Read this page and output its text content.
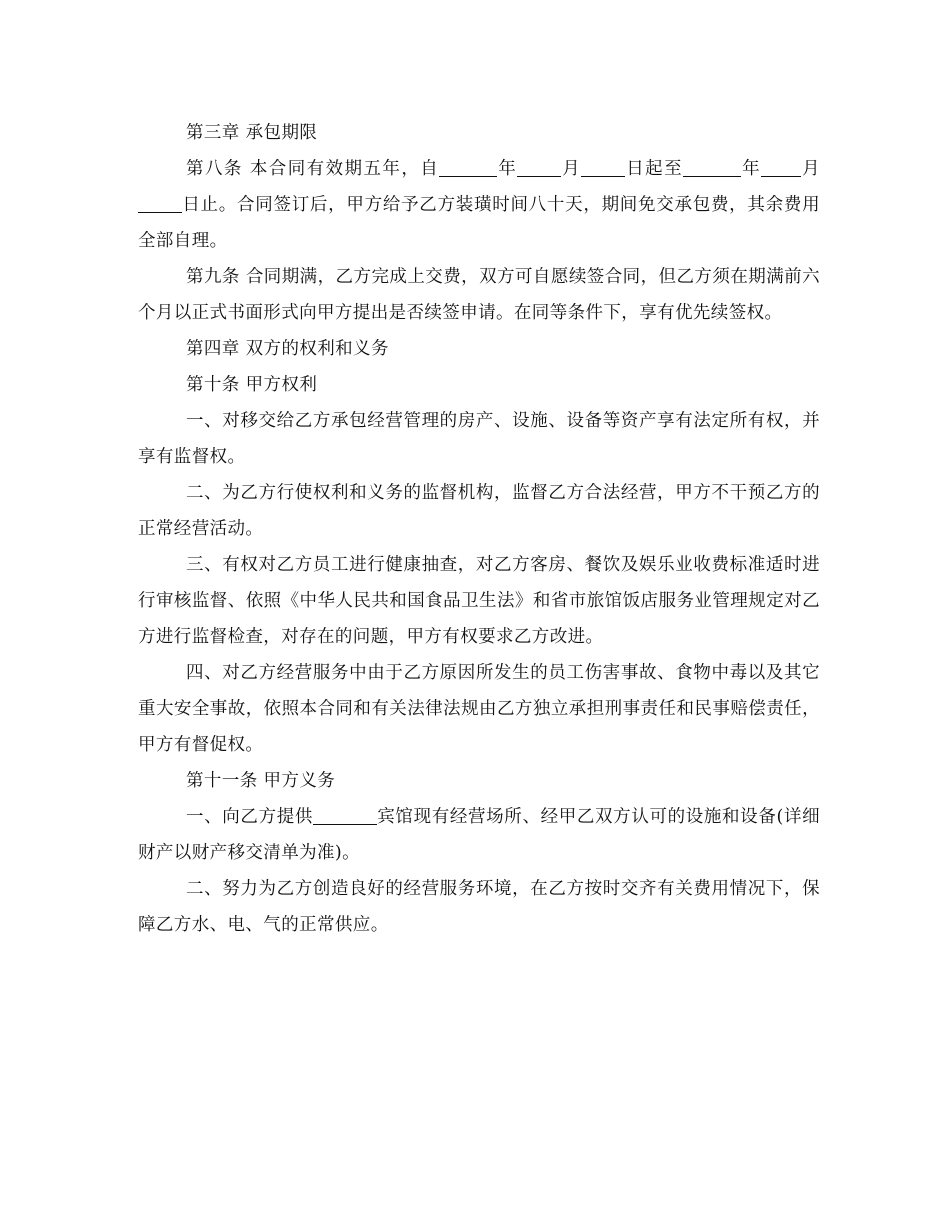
第三章 承包期限

第八条 本合同有效期五年，自	年	月	日起至	年 月日止。合同签订后，甲方给予乙方装璜时间八十天，期间免交承包费，其余费用全部自理。

第九条 合同期满，乙方完成上交费，双方可自愿续签合同，但乙方须在期满前六个月以正式书面形式向甲方提出是否续签申请。在同等条件下，享有优先续签权。

第四章 双方的权利和义务

第十条 甲方权利

一、对移交给乙方承包经营管理的房产、设施、设备等资产享有法定所有权，并享有监督权。

二、为乙方行使权利和义务的监督机构，监督乙方合法经营，甲方不干预乙方的正常经营活动。

三、有权对乙方员工进行健康抽查，对乙方客房、餐饮及娱乐业收费标准适时进行审核监督、依照《中华人民共和国食品卫生法》和省市旅馆饭店服务业管理规定对乙方进行监督检查，对存在的问题，甲方有权要求乙方改进。

四、对乙方经营服务中由于乙方原因所发生的员工伤害事故、食物中毒以及其它重大安全事故，依照本合同和有关法律法规由乙方独立承担刑事责任和民事赔偿责任，甲方有督促权。

第十一条 甲方义务

一、向乙方提供	宾馆现有经营场所、经甲乙双方认可的设施和设备(详细财产以财产移交清单为准)。

二、努力为乙方创造良好的经营服务环境，在乙方按时交齐有关费用情况下，保障乙方水、电、气的正常供应。
